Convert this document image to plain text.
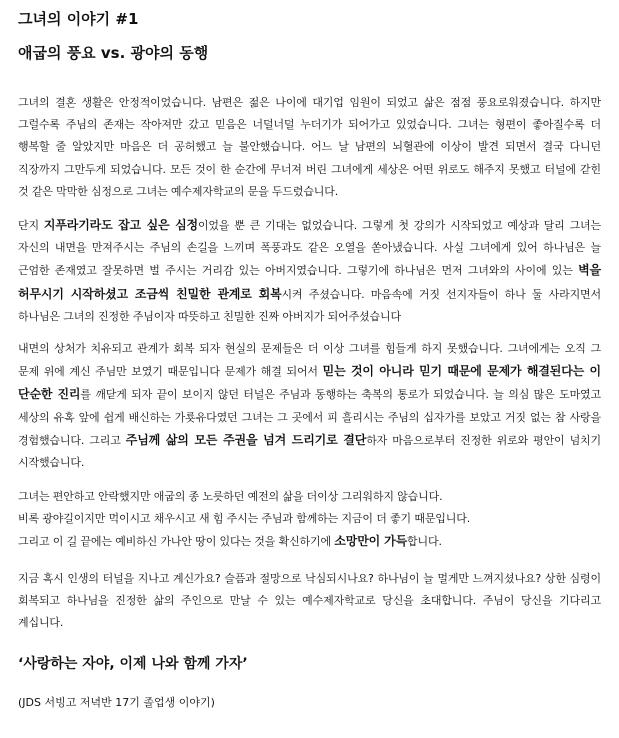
그녀의 이야기 #1
애굽의 풍요 vs. 광야의 동행

그녀의 결혼 생활은 안정적이었습니다. 남편은 젊은 나이에 대기업 임원이 되었고 삶은 점점 풍요로워졌습니다. 하지만 그럴수록 주님의 존재는 작아져만 갔고 믿음은 너덜너덜 누더기가 되어가고 있었습니다. 그녀는 형편이 좋아질수록 더 행복할 줄 알았지만 마음은 더 공허했고 늘 불안했습니다. 어느 날 남편의 뇌혈관에 이상이 발견 되면서 결국 다니던 직장까지 그만두게 되었습니다. 모든 것이 한 순간에 무너져 버린 그녀에게 세상은 어떤 위로도 해주지 못했고 터널에 갇힌 것 같은 막막한 심정으로 그녀는 예수제자학교의 문을 두드렸습니다.

단지 지푸라기라도 잡고 싶은 심정이었을 뿐 큰 기대는 없었습니다. 그렇게 첫 강의가 시작되었고 예상과 달리 그녀는 자신의 내면을 만져주시는 주님의 손길을 느끼며 폭풍과도 같은 오열을 쏟아냈습니다. 사실 그녀에게 있어 하나님은 늘 근엄한 존재였고 잘못하면 벌 주시는 거리감 있는 아버지였습니다. 그렇기에 하나님은 먼저 그녀와의 사이에 있는 벽을 허무시기 시작하셨고 조금씩 친밀한 관계로 회복시켜 주셨습니다. 마음속에 거짓 선지자들이 하나 둘 사라지면서 하나님은 그녀의 진정한 주님이자 따뜻하고 친밀한 진짜 아버지가 되어주셨습니다

내면의 상처가 치유되고 관계가 회복 되자 현실의 문제들은 더 이상 그녀를 힘들게 하지 못했습니다. 그녀에게는 오직 그 문제 위에 계신 주님만 보였기 때문입니다 문제가 해결 되어서 믿는 것이 아니라 믿기 때문에 문제가 해결된다는 이 단순한 진리를 깨닫게 되자 끝이 보이지 않던 터널은 주님과 동행하는 축복의 통로가 되었습니다. 늘 의심 많은 도마였고 세상의 유혹 앞에 쉽게 배신하는 가룟유다였던 그녀는 그 곳에서 피 흘리시는 주님의 십자가를 보았고 거짓 없는 참 사랑을 경험했습니다. 그리고 주님께 삶의 모든 주권을 넘겨 드리기로 결단하자 마음으로부터 진정한 위로와 평안이 넘치기 시작했습니다.

그녀는 편안하고 안락했지만 애굽의 종 노릇하던 예전의 삶을 더이상 그리워하지 않습니다.
비록 광야길이지만 먹이시고 채우시고 새 힘 주시는 주님과 함께하는 지금이 더 좋기 때문입니다.
그리고 이 길 끝에는 예비하신 가나안 땅이 있다는 것을 확신하기에 소망만이 가득합니다.

지금 혹시 인생의 터널을 지나고 계신가요? 슬픔과 절망으로 낙심되시나요? 하나님이 늘 멀게만 느껴지셨나요? 상한 심령이 회복되고 하나님을 진정한 삶의 주인으로 만날 수 있는 예수제자학교로 당신을 초대합니다. 주님이 당신을 기다리고 계십니다.

‘사랑하는 자야, 이제 나와 함께 가자’

(JDS 서빙고 저녁반 17기 졸업생 이야기)
